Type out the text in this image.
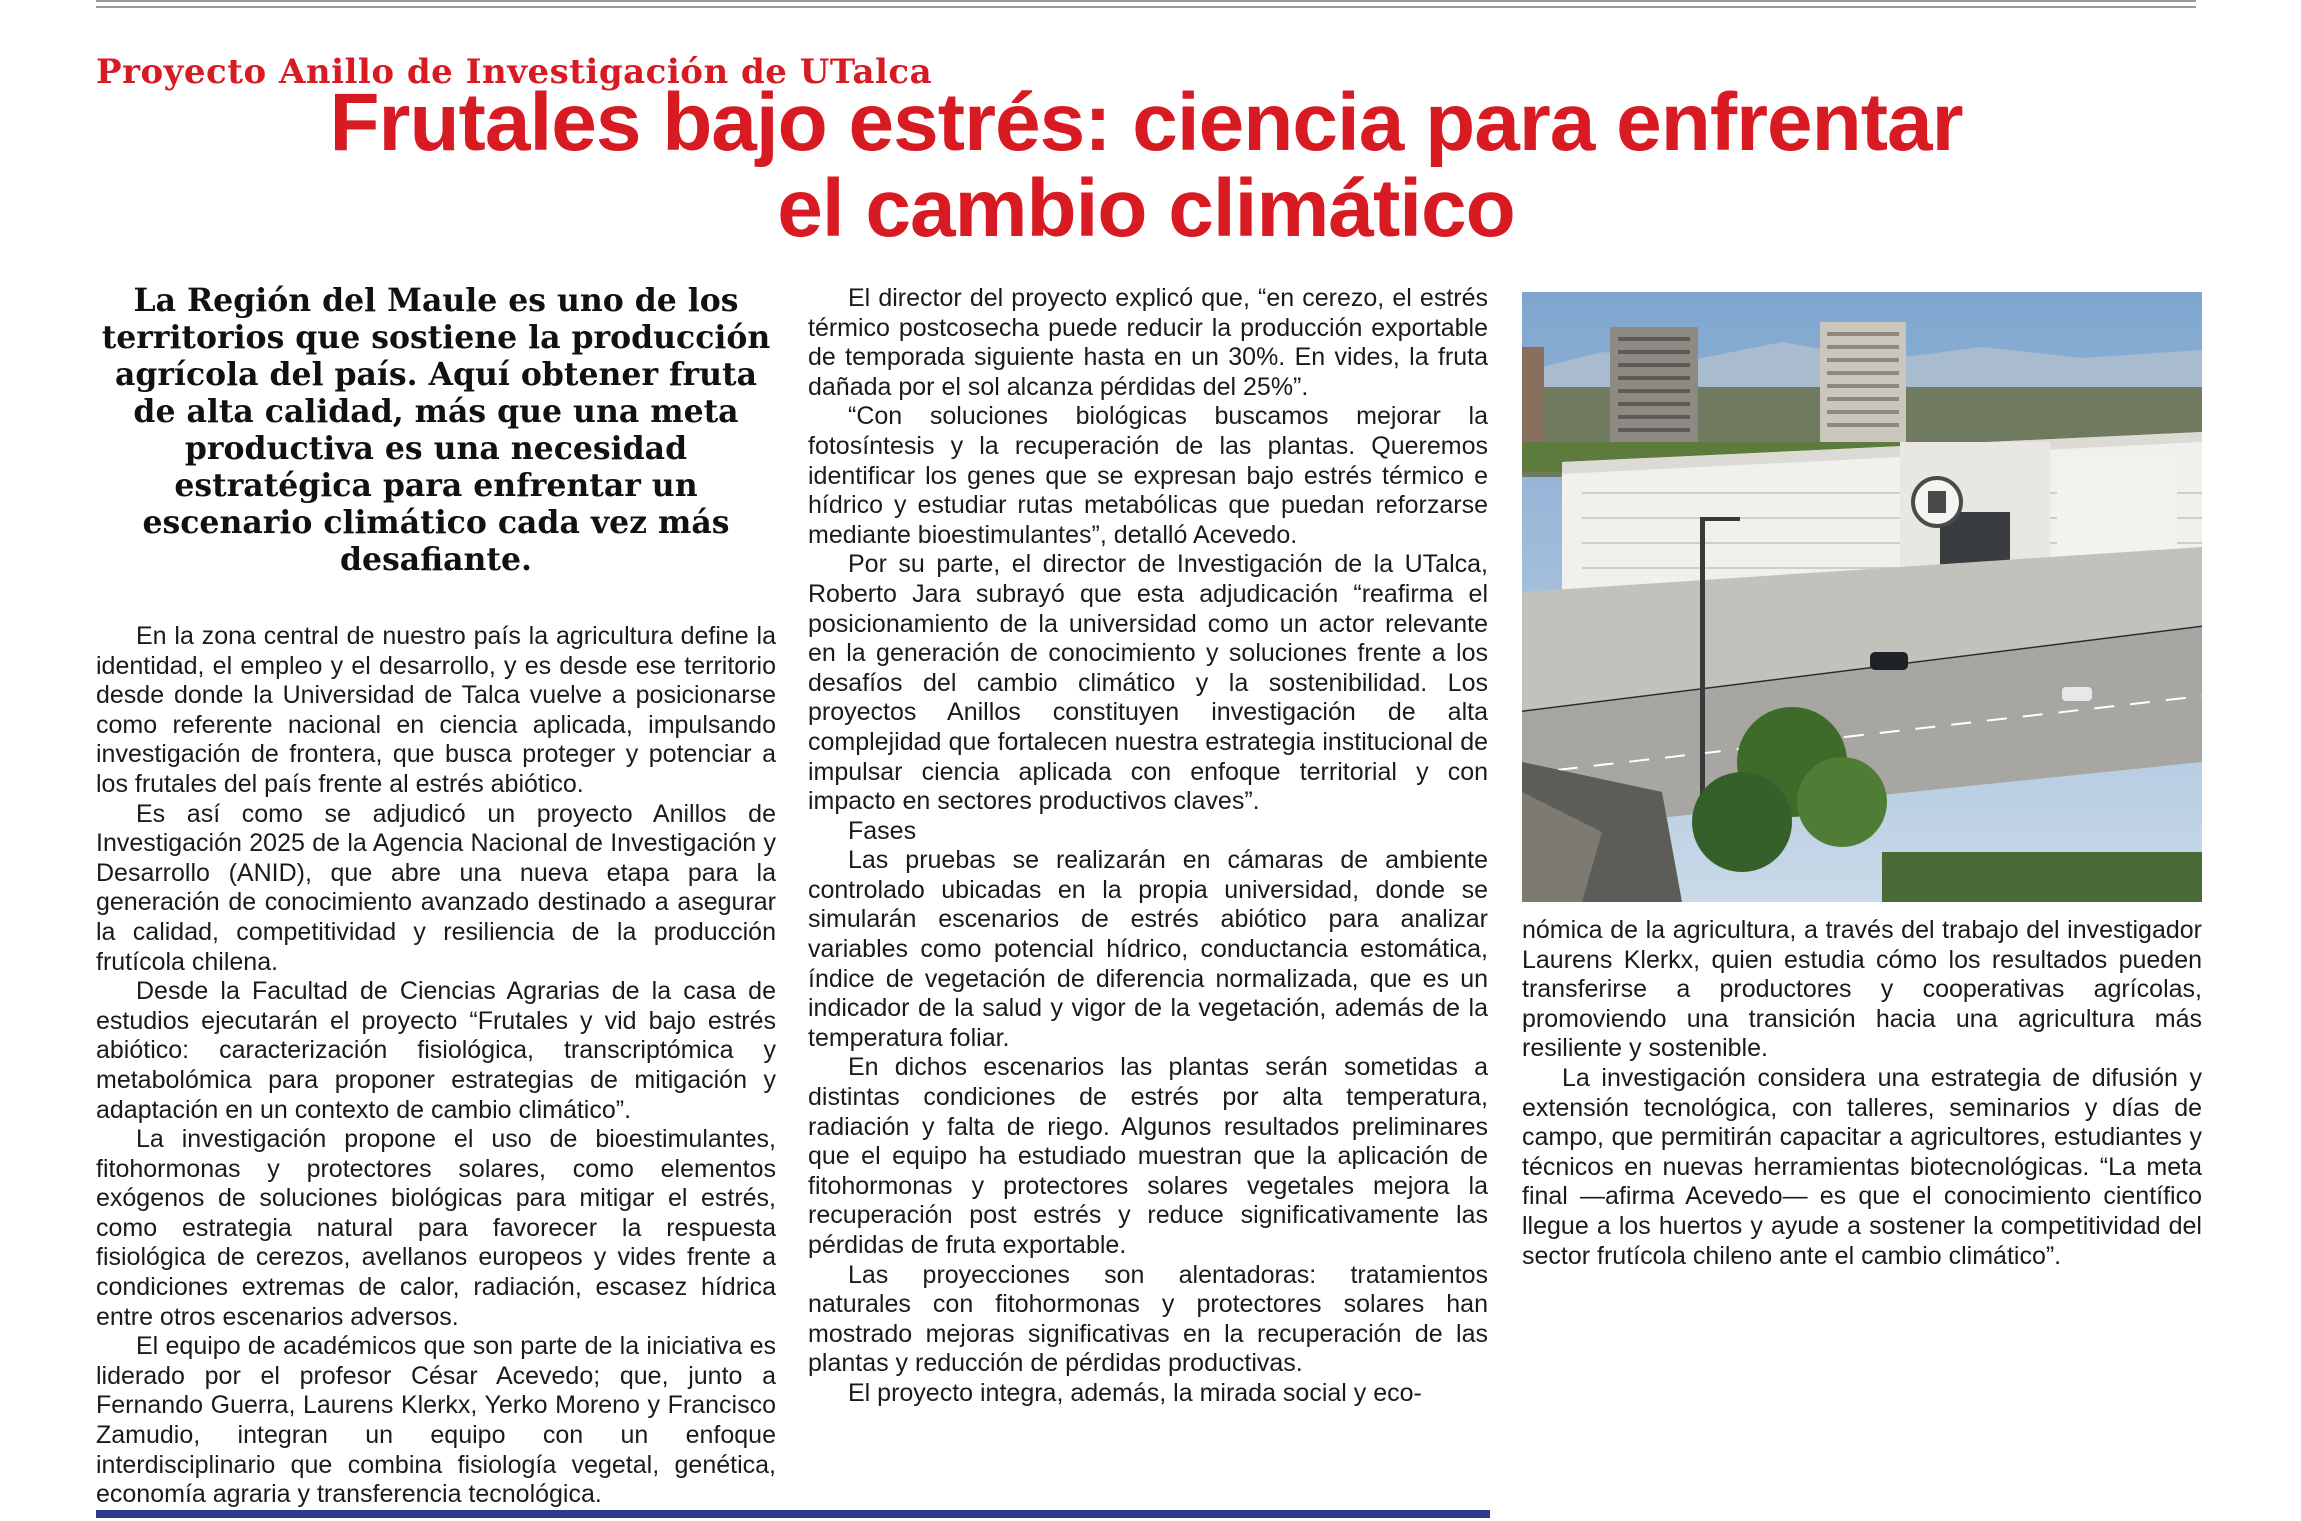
Proyecto Anillo de Investigación de UTalca
Frutales bajo estrés: ciencia para enfrentar
el cambio climático
La Región del Maule es uno de los territorios que sostiene la producción agrícola del país. Aquí obtener fruta de alta calidad, más que una meta productiva es una necesidad estratégica para enfrentar un escenario climático cada vez más desafiante.

En la zona central de nuestro país la agricultura define la identidad, el empleo y el desarrollo, y es desde ese territorio desde donde la Universidad de Talca vuelve a posicionarse como referente nacional en ciencia aplicada, impulsando investigación de frontera, que busca proteger y potenciar a los frutales del país frente al estrés abiótico.

Es así como se adjudicó un proyecto Anillos de Investigación 2025 de la Agencia Nacional de Investigación y Desarrollo (ANID), que abre una nueva etapa para la generación de conocimiento avanzado destinado a asegurar la calidad, competitividad y resiliencia de la producción frutícola chilena.

Desde la Facultad de Ciencias Agrarias de la casa de estudios ejecutarán el proyecto “Frutales y vid bajo estrés abiótico: caracterización fisiológica, transcriptómica y metabolómica para proponer estrategias de mitigación y adaptación en un contexto de cambio climático”.

La investigación propone el uso de bioestimulantes, fitohormonas y protectores solares, como elementos exógenos de soluciones biológicas para mitigar el estrés, como estrategia natural para favorecer la respuesta fisiológica de cerezos, avellanos europeos y vides frente a condiciones extremas de calor, radiación, escasez hídrica entre otros escenarios adversos.

El equipo de académicos que son parte de la iniciativa es liderado por el profesor César Acevedo; que, junto a Fernando Guerra, Laurens Klerkx, Yerko Moreno y Francisco Zamudio, integran un equipo con un enfoque interdisciplinario que combina fisiología vegetal, genética, economía agraria y transferencia tecnológica.

El director del proyecto explicó que, “en cerezo, el estrés térmico postcosecha puede reducir la producción exportable de temporada siguiente hasta en un 30%. En vides, la fruta dañada por el sol alcanza pérdidas del 25%”.

“Con soluciones biológicas buscamos mejorar la fotosíntesis y la recuperación de las plantas. Queremos identificar los genes que se expresan bajo estrés térmico e hídrico y estudiar rutas metabólicas que puedan reforzarse mediante bioestimulantes”, detalló Acevedo.

Por su parte, el director de Investigación de la UTalca, Roberto Jara subrayó que esta adjudicación “reafirma el posicionamiento de la universidad como un actor relevante en la generación de conocimiento y soluciones frente a los desafíos del cambio climático y la sostenibilidad. Los proyectos Anillos constituyen investigación de alta complejidad que fortalecen nuestra estrategia institucional de impulsar ciencia aplicada con enfoque territorial y con impacto en sectores productivos claves”.

Fases

Las pruebas se realizarán en cámaras de ambiente controlado ubicadas en la propia universidad, donde se simularán escenarios de estrés abiótico para analizar variables como potencial hídrico, conductancia estomática, índice de vegetación de diferencia normalizada, que es un indicador de la salud y vigor de la vegetación, además de la temperatura foliar.

En dichos escenarios las plantas serán sometidas a distintas condiciones de estrés por alta temperatura, radiación y falta de riego. Algunos resultados preliminares que el equipo ha estudiado muestran que la aplicación de fitohormonas y protectores solares vegetales mejora la recuperación post estrés y reduce significativamente las pérdidas de fruta exportable.

Las proyecciones son alentadoras: tratamientos naturales con fitohormonas y protectores solares han mostrado mejoras significativas en la recuperación de las plantas y reducción de pérdidas productivas.

El proyecto integra, además, la mirada social y eco-

nómica de la agricultura, a través del trabajo del investigador Laurens Klerkx, quien estudia cómo los resultados pueden transferirse a productores y cooperativas agrícolas, promoviendo una transición hacia una agricultura más resiliente y sostenible.

La investigación considera una estrategia de difusión y extensión tecnológica, con talleres, seminarios y días de campo, que permitirán capacitar a agricultores, estudiantes y técnicos en nuevas herramientas biotecnológicas. “La meta final —afirma Acevedo— es que el conocimiento científico llegue a los huertos y ayude a sostener la competitividad del sector frutícola chileno ante el cambio climático”.
